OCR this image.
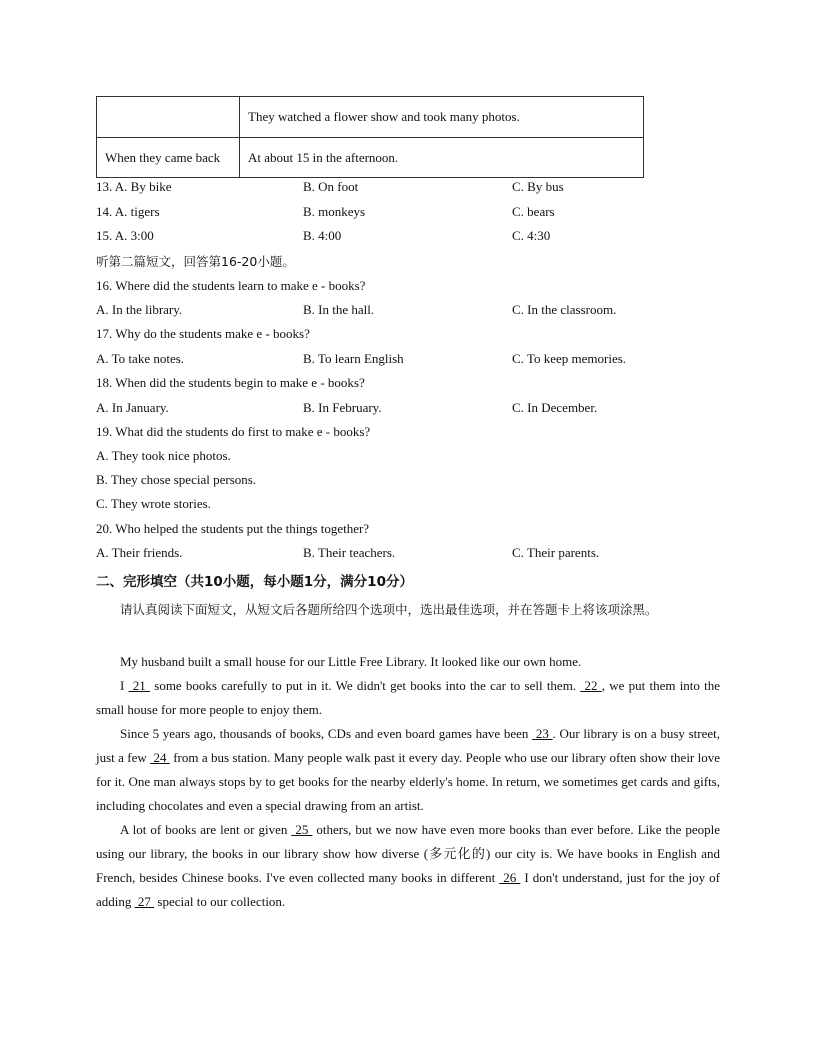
	They watched a flower show and took many photos.
When they came back	At about 15 in the afternoon.
13. A. By bike	B. On foot	C. By bus
14. A. tigers	B. monkeys	C. bears
15. A. 3:00	B. 4:00	C. 4:30
听第二篇短文，回答第16-20小题。
16. Where did the students learn to make e - books?
A. In the library.	B. In the hall.	C. In the classroom.
17. Why do the students make e - books?
A. To take notes.	B. To learn English	C. To keep memories.
18. When did the students begin to make e - books?
A. In January.	B. In February.	C. In December.
19. What did the students do first to make e - books?
A. They took nice photos.
B. They chose special persons.
C. They wrote stories.
20. Who helped the students put the things together?
A. Their friends.	B. Their teachers.	C. Their parents.
二、完形填空（共10小题，每小题1分，满分10分）
请认真阅读下面短文，从短文后各题所给四个选项中，选出最佳选项，并在答题卡上将该项涂黑。

My husband built a small house for our Little Free Library. It looked like our own home.

I  21  some books carefully to put in it. We didn't get books into the car to sell them.  22 , we put them into the small house for more people to enjoy them.

Since 5 years ago, thousands of books, CDs and even board games have been  23 . Our library is on a busy street, just a few  24  from a bus station. Many people walk past it every day. People who use our library often show their love for it. One man always stops by to get books for the nearby elderly's home. In return, we sometimes get cards and gifts, including chocolates and even a special drawing from an artist.

A lot of books are lent or given  25  others, but we now have even more books than ever before. Like the people using our library, the books in our library show how diverse (多元化的) our city is. We have books in English and French, besides Chinese books. I've even collected many books in different  26  I don't understand, just for the joy of adding  27  special to our collection.
